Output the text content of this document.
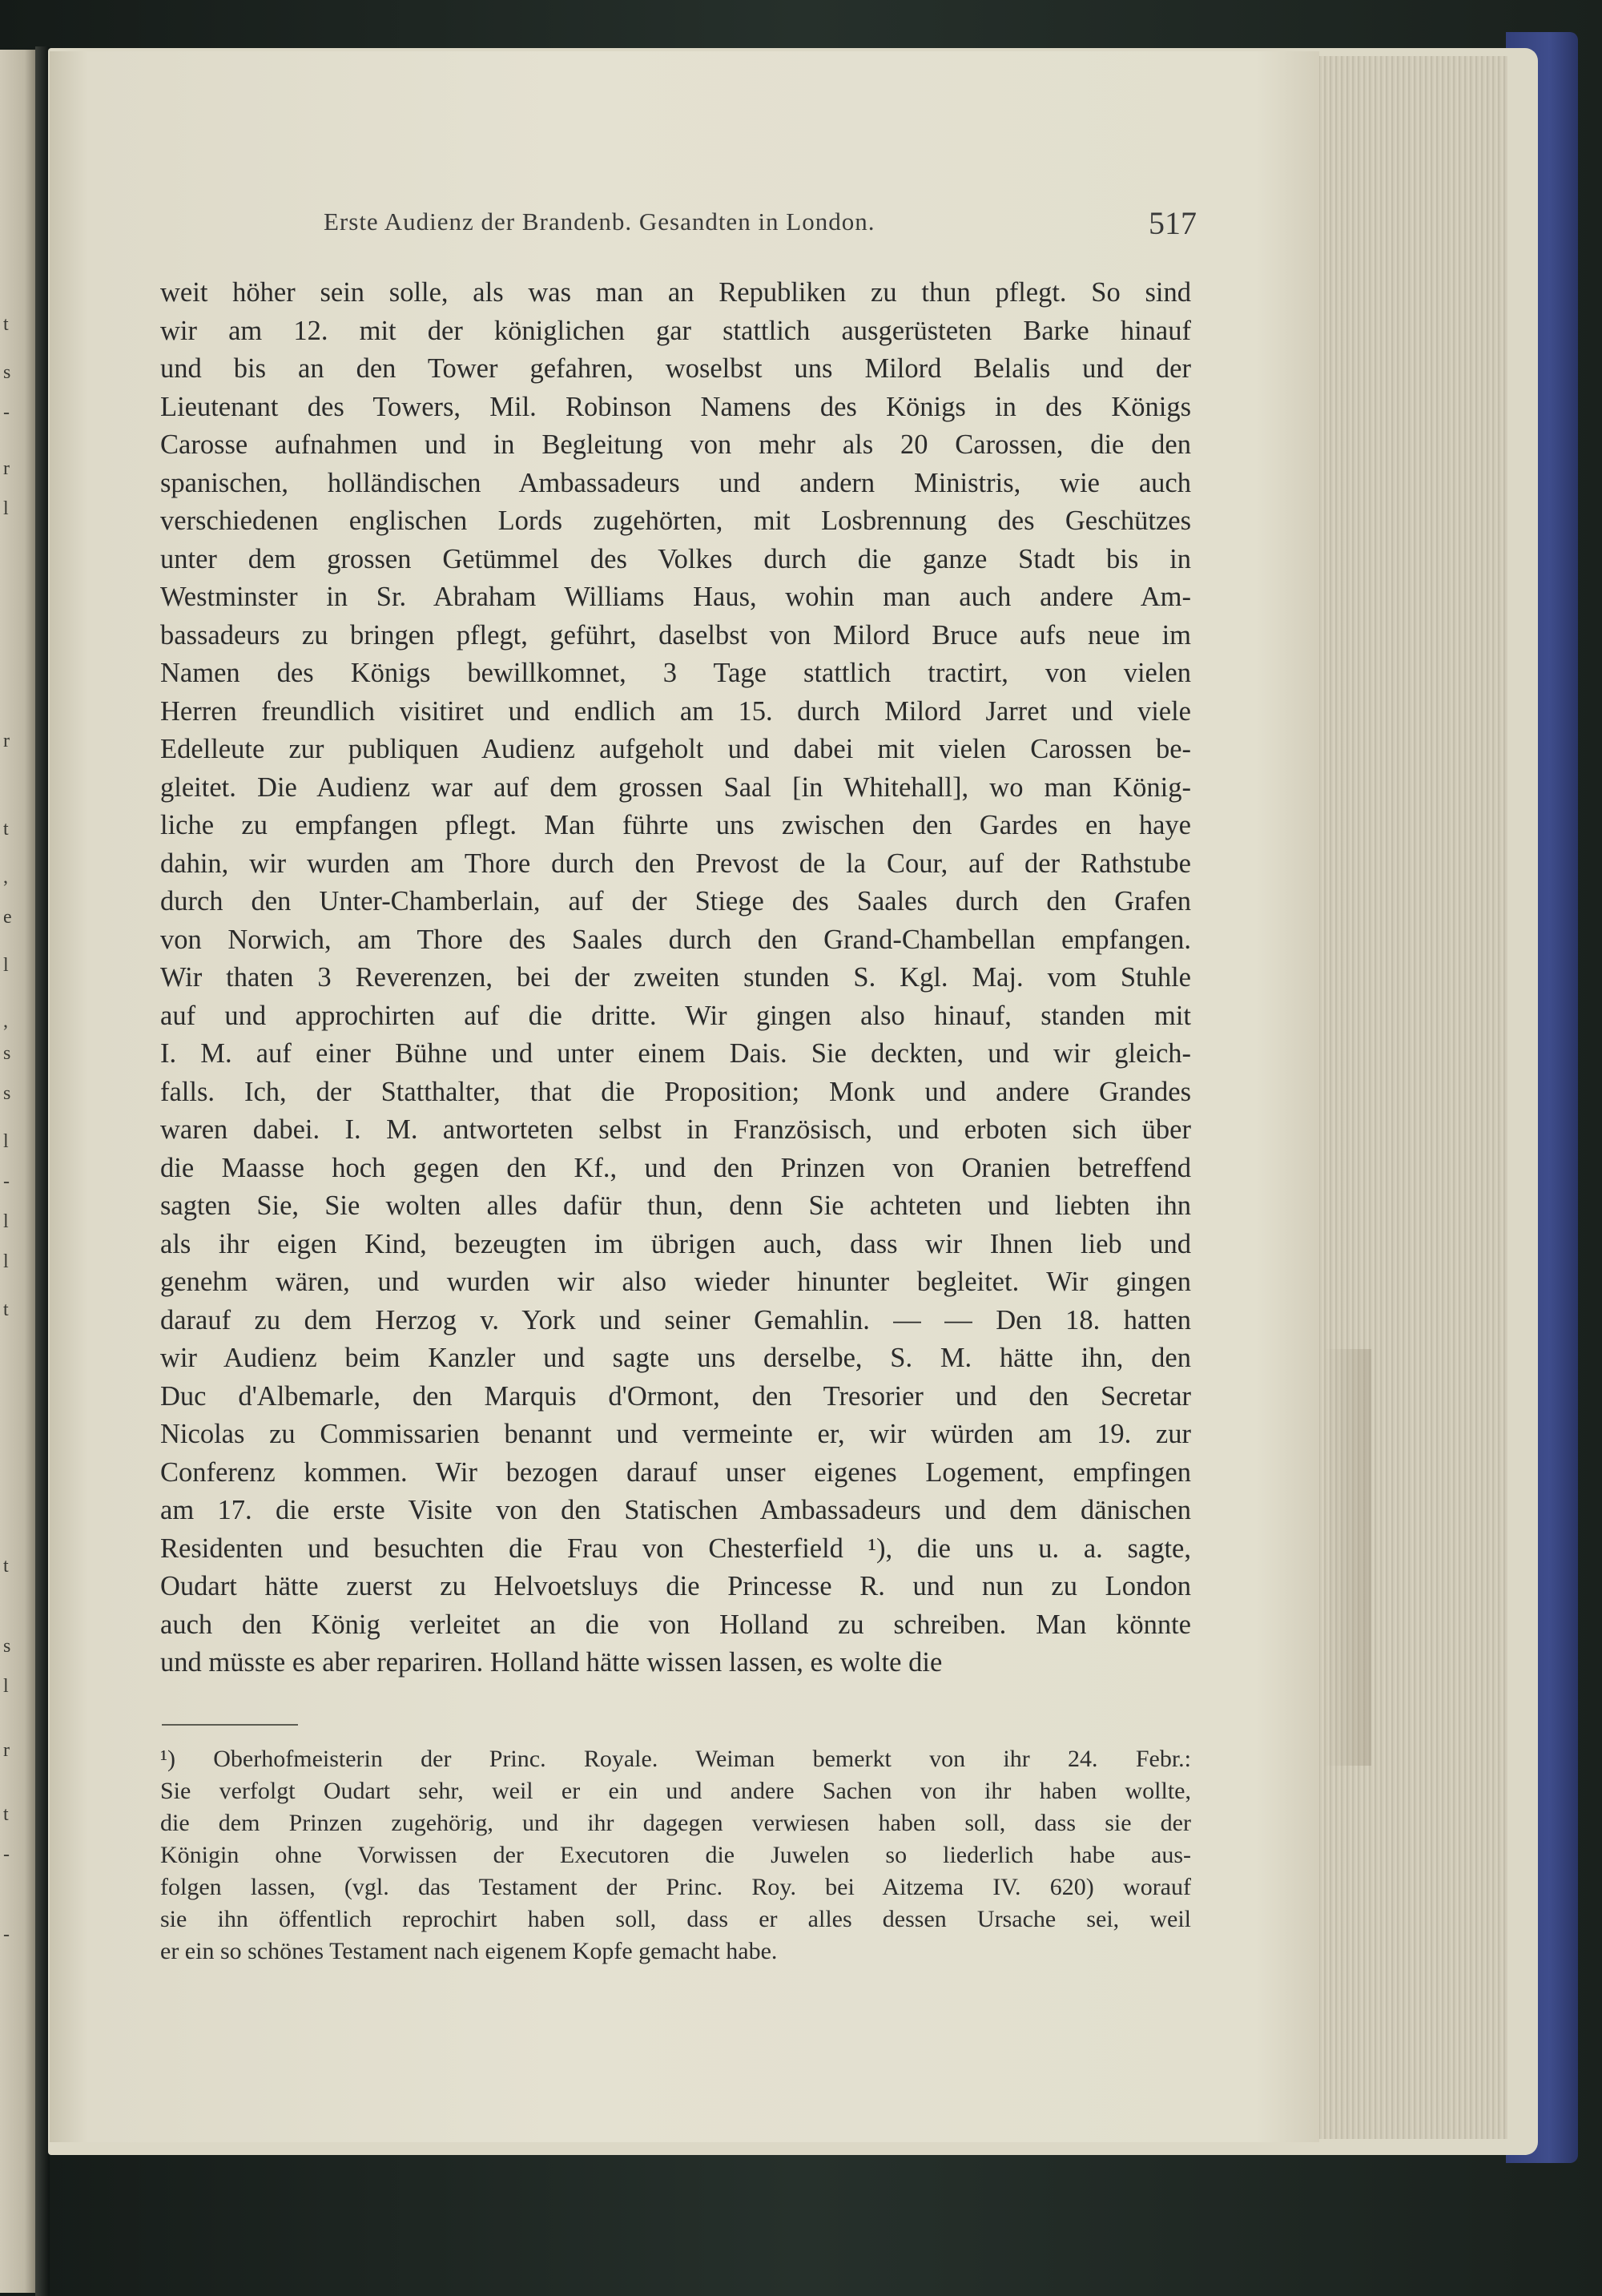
t
s
-
r
l
r
t
,
e
l
,
s
s
l
-
l
l
t
t
s
l
r
t
-
-
Erste Audienz der Brandenb. Gesandten in London.	517
weit höher sein solle, als was man an Republiken zu thun pflegt. So sind
wir am 12. mit der königlichen gar stattlich ausgerüsteten Barke hinauf
und bis an den Tower gefahren, woselbst uns Milord Belalis und der
Lieutenant des Towers, Mil. Robinson Namens des Königs in des Königs
Carosse aufnahmen und in Begleitung von mehr als 20 Carossen, die den
spanischen, holländischen Ambassadeurs und andern Ministris, wie auch
verschiedenen englischen Lords zugehörten, mit Losbrennung des Geschützes
unter dem grossen Getümmel des Volkes durch die ganze Stadt bis in
Westminster in Sr. Abraham Williams Haus, wohin man auch andere Am-
bassadeurs zu bringen pflegt, geführt, daselbst von Milord Bruce aufs neue im
Namen des Königs bewillkomnet, 3 Tage stattlich tractirt, von vielen
Herren freundlich visitiret und endlich am 15. durch Milord Jarret und viele
Edelleute zur publiquen Audienz aufgeholt und dabei mit vielen Carossen be-
gleitet. Die Audienz war auf dem grossen Saal [in Whitehall], wo man König-
liche zu empfangen pflegt. Man führte uns zwischen den Gardes en haye
dahin, wir wurden am Thore durch den Prevost de la Cour, auf der Rathstube
durch den Unter-Chamberlain, auf der Stiege des Saales durch den Grafen
von Norwich, am Thore des Saales durch den Grand-Chambellan empfangen.
Wir thaten 3 Reverenzen, bei der zweiten stunden S. Kgl. Maj. vom Stuhle
auf und approchirten auf die dritte. Wir gingen also hinauf, standen mit
I. M. auf einer Bühne und unter einem Dais. Sie deckten, und wir gleich-
falls. Ich, der Statthalter, that die Proposition; Monk und andere Grandes
waren dabei. I. M. antworteten selbst in Französisch, und erboten sich über
die Maasse hoch gegen den Kf., und den Prinzen von Oranien betreffend
sagten Sie, Sie wolten alles dafür thun, denn Sie achteten und liebten ihn
als ihr eigen Kind, bezeugten im übrigen auch, dass wir Ihnen lieb und
genehm wären, und wurden wir also wieder hinunter begleitet. Wir gingen
darauf zu dem Herzog v. York und seiner Gemahlin. — — Den 18. hatten
wir Audienz beim Kanzler und sagte uns derselbe, S. M. hätte ihn, den
Duc d'Albemarle, den Marquis d'Ormont, den Tresorier und den Secretar
Nicolas zu Commissarien benannt und vermeinte er, wir würden am 19. zur
Conferenz kommen. Wir bezogen darauf unser eigenes Logement, empfingen
am 17. die erste Visite von den Statischen Ambassadeurs und dem dänischen
Residenten und besuchten die Frau von Chesterfield ¹), die uns u. a. sagte,
Oudart hätte zuerst zu Helvoetsluys die Princesse R. und nun zu London
auch den König verleitet an die von Holland zu schreiben. Man könnte
und müsste es aber repariren. Holland hätte wissen lassen, es wolte die
¹) Oberhofmeisterin der Princ. Royale. Weiman bemerkt von ihr 24. Febr.:
Sie verfolgt Oudart sehr, weil er ein und andere Sachen von ihr haben wollte,
die dem Prinzen zugehörig, und ihr dagegen verwiesen haben soll, dass sie der
Königin ohne Vorwissen der Executoren die Juwelen so liederlich habe aus-
folgen lassen, (vgl. das Testament der Princ. Roy. bei Aitzema IV. 620) worauf
sie ihn öffentlich reprochirt haben soll, dass er alles dessen Ursache sei, weil
er ein so schönes Testament nach eigenem Kopfe gemacht habe.
